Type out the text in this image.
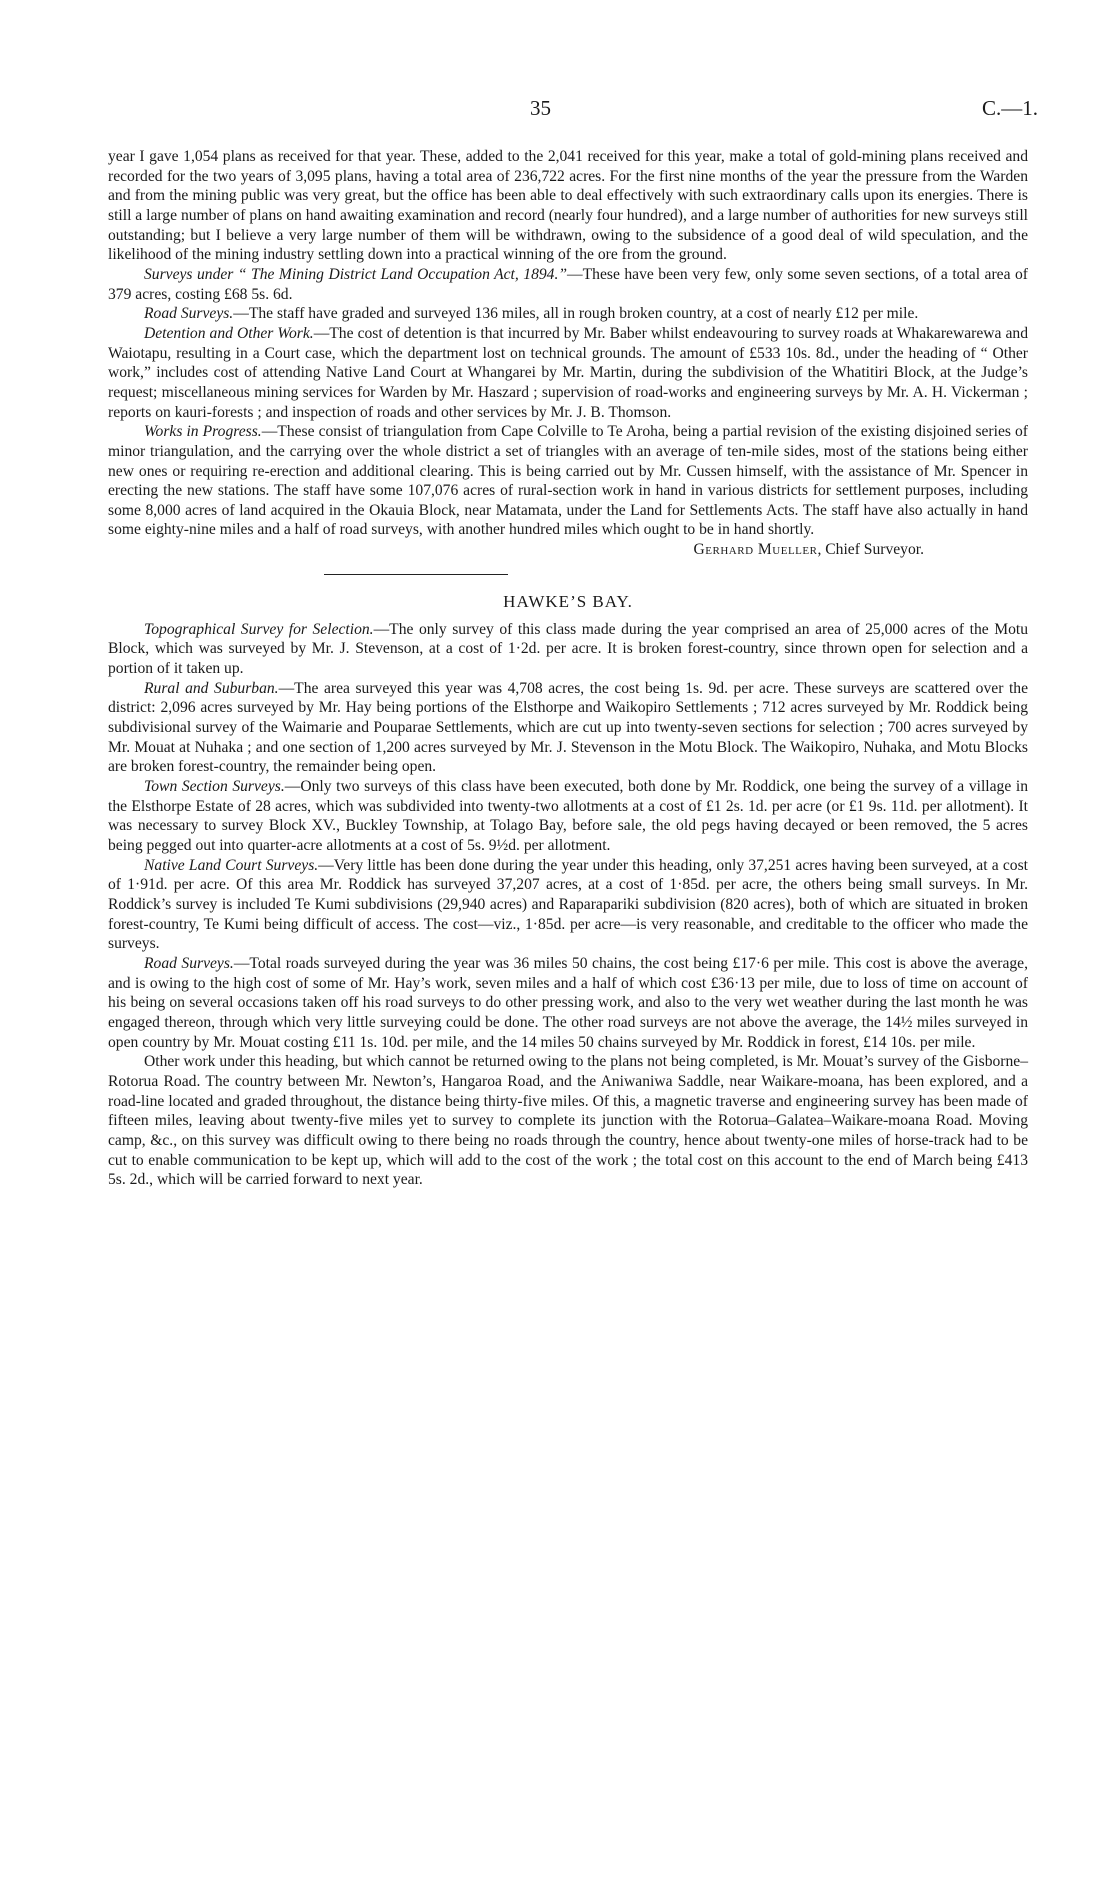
35	C.—1.

year I gave 1,054 plans as received for that year. These, added to the 2,041 received for this year, make a total of gold-mining plans received and recorded for the two years of 3,095 plans, having a total area of 236,722 acres. For the first nine months of the year the pressure from the Warden and from the mining public was very great, but the office has been able to deal effectively with such extraordinary calls upon its energies. There is still a large number of plans on hand awaiting examination and record (nearly four hundred), and a large number of authorities for new surveys still outstanding; but I believe a very large number of them will be withdrawn, owing to the subsidence of a good deal of wild speculation, and the likelihood of the mining industry settling down into a practical winning of the ore from the ground.

Surveys under “ The Mining District Land Occupation Act, 1894.”—These have been very few, only some seven sections, of a total area of 379 acres, costing £68 5s. 6d.

Road Surveys.—The staff have graded and surveyed 136 miles, all in rough broken country, at a cost of nearly £12 per mile.

Detention and Other Work.—The cost of detention is that incurred by Mr. Baber whilst endeavouring to survey roads at Whakarewarewa and Waiotapu, resulting in a Court case, which the department lost on technical grounds. The amount of £533 10s. 8d., under the heading of “ Other work,” includes cost of attending Native Land Court at Whangarei by Mr. Martin, during the subdivision of the Whatitiri Block, at the Judge’s request; miscellaneous mining services for Warden by Mr. Haszard ; supervision of road-works and engineering surveys by Mr. A. H. Vickerman ; reports on kauri-forests ; and inspection of roads and other services by Mr. J. B. Thomson.

Works in Progress.—These consist of triangulation from Cape Colville to Te Aroha, being a partial revision of the existing disjoined series of minor triangulation, and the carrying over the whole district a set of triangles with an average of ten-mile sides, most of the stations being either new ones or requiring re-erection and additional clearing. This is being carried out by Mr. Cussen himself, with the assistance of Mr. Spencer in erecting the new stations. The staff have some 107,076 acres of rural-section work in hand in various districts for settlement purposes, including some 8,000 acres of land acquired in the Okauia Block, near Matamata, under the Land for Settlements Acts. The staff have also actually in hand some eighty-nine miles and a half of road surveys, with another hundred miles which ought to be in hand shortly.

Gerhard Mueller, Chief Surveyor.

HAWKE’S BAY.

Topographical Survey for Selection.—The only survey of this class made during the year comprised an area of 25,000 acres of the Motu Block, which was surveyed by Mr. J. Stevenson, at a cost of 1·2d. per acre. It is broken forest-country, since thrown open for selection and a portion of it taken up.

Rural and Suburban.—The area surveyed this year was 4,708 acres, the cost being 1s. 9d. per acre. These surveys are scattered over the district: 2,096 acres surveyed by Mr. Hay being portions of the Elsthorpe and Waikopiro Settlements ; 712 acres surveyed by Mr. Roddick being subdivisional survey of the Waimarie and Pouparae Settlements, which are cut up into twenty-seven sections for selection ; 700 acres surveyed by Mr. Mouat at Nuhaka ; and one section of 1,200 acres surveyed by Mr. J. Stevenson in the Motu Block. The Waikopiro, Nuhaka, and Motu Blocks are broken forest-country, the remainder being open.

Town Section Surveys.—Only two surveys of this class have been executed, both done by Mr. Roddick, one being the survey of a village in the Elsthorpe Estate of 28 acres, which was subdivided into twenty-two allotments at a cost of £1 2s. 1d. per acre (or £1 9s. 11d. per allotment). It was necessary to survey Block XV., Buckley Township, at Tolago Bay, before sale, the old pegs having decayed or been removed, the 5 acres being pegged out into quarter-acre allotments at a cost of 5s. 9½d. per allotment.

Native Land Court Surveys.—Very little has been done during the year under this heading, only 37,251 acres having been surveyed, at a cost of 1·91d. per acre. Of this area Mr. Roddick has surveyed 37,207 acres, at a cost of 1·85d. per acre, the others being small surveys. In Mr. Roddick’s survey is included Te Kumi subdivisions (29,940 acres) and Raparapariki subdivision (820 acres), both of which are situated in broken forest-country, Te Kumi being difficult of access. The cost—viz., 1·85d. per acre—is very reasonable, and creditable to the officer who made the surveys.

Road Surveys.—Total roads surveyed during the year was 36 miles 50 chains, the cost being £17·6 per mile. This cost is above the average, and is owing to the high cost of some of Mr. Hay’s work, seven miles and a half of which cost £36·13 per mile, due to loss of time on account of his being on several occasions taken off his road surveys to do other pressing work, and also to the very wet weather during the last month he was engaged thereon, through which very little surveying could be done. The other road surveys are not above the average, the 14½ miles surveyed in open country by Mr. Mouat costing £11 1s. 10d. per mile, and the 14 miles 50 chains surveyed by Mr. Roddick in forest, £14 10s. per mile.

Other work under this heading, but which cannot be returned owing to the plans not being completed, is Mr. Mouat’s survey of the Gisborne–Rotorua Road. The country between Mr. Newton’s, Hangaroa Road, and the Aniwaniwa Saddle, near Waikare-moana, has been explored, and a road-line located and graded throughout, the distance being thirty-five miles. Of this, a magnetic traverse and engineering survey has been made of fifteen miles, leaving about twenty-five miles yet to survey to complete its junction with the Rotorua–Galatea–Waikare-moana Road. Moving camp, &c., on this survey was difficult owing to there being no roads through the country, hence about twenty-one miles of horse-track had to be cut to enable communication to be kept up, which will add to the cost of the work ; the total cost on this account to the end of March being £413 5s. 2d., which will be carried forward to next year.
